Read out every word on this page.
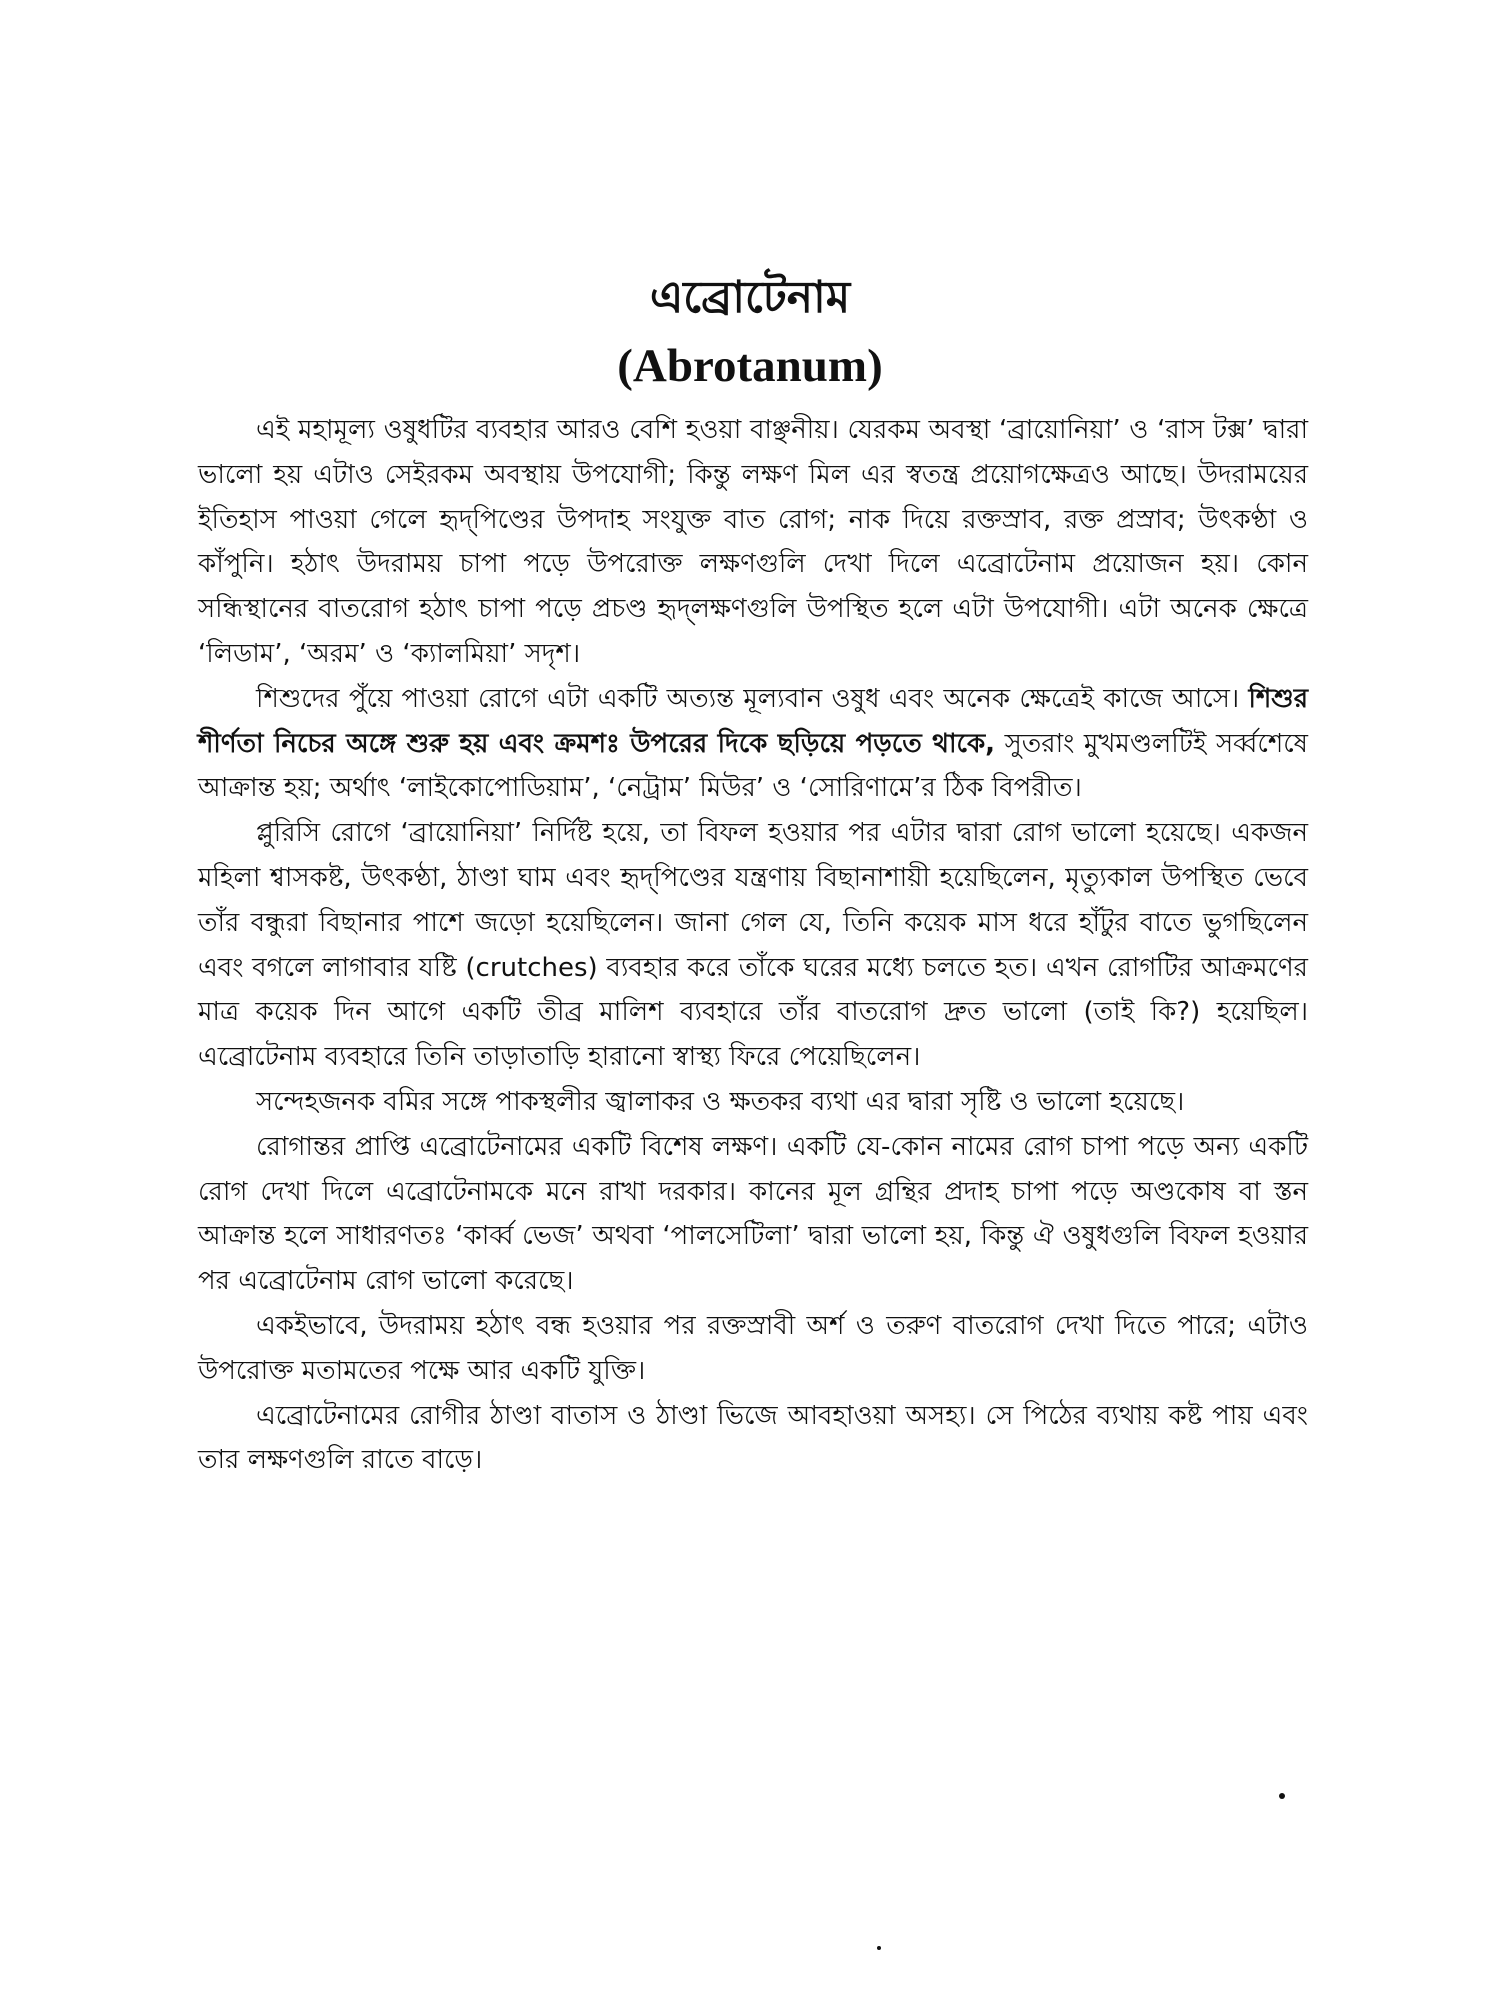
এব্রোটেনাম
(Abrotanum)

এই মহামূল্য ওষুধটির ব্যবহার আরও বেশি হওয়া বাঞ্ছনীয়। যেরকম অবস্থা ‘ব্রায়োনিয়া’ ও ‘রাস টক্স’ দ্বারা ভালো হয় এটাও সেইরকম অবস্থায় উপযোগী; কিন্তু লক্ষণ মিল এর স্বতন্ত্র প্রয়োগক্ষেত্রও আছে। উদরাময়ের ইতিহাস পাওয়া গেলে হৃদ্‌পিণ্ডের উপদাহ সংযুক্ত বাত রোগ; নাক দিয়ে রক্তস্রাব, রক্ত প্রস্রাব; উৎকণ্ঠা ও কাঁপুনি। হঠাৎ উদরাময় চাপা পড়ে উপরোক্ত লক্ষণগুলি দেখা দিলে এব্রোটেনাম প্রয়োজন হয়। কোন সন্ধিস্থানের বাতরোগ হঠাৎ চাপা পড়ে প্রচণ্ড হৃদ্‌লক্ষণগুলি উপস্থিত হলে এটা উপযোগী। এটা অনেক ক্ষেত্রে ‘লিডাম’, ‘অরম’ ও ‘ক্যালমিয়া’ সদৃশ।

শিশুদের পুঁয়ে পাওয়া রোগে এটা একটি অত্যন্ত মূল্যবান ওষুধ এবং অনেক ক্ষেত্রেই কাজে আসে। শিশুর শীর্ণতা নিচের অঙ্গে শুরু হয় এবং ক্রমশঃ উপরের দিকে ছড়িয়ে পড়তে থাকে, সুতরাং মুখমণ্ডলটিই সর্ব্বশেষে আক্রান্ত হয়; অর্থাৎ ‘লাইকোপোডিয়াম’, ‘নেট্রাম’ মিউর’ ও ‘সোরিণামে’র ঠিক বিপরীত।

প্লুরিসি রোগে ‘ব্রায়োনিয়া’ নির্দিষ্ট হয়ে, তা বিফল হওয়ার পর এটার দ্বারা রোগ ভালো হয়েছে। একজন মহিলা শ্বাসকষ্ট, উৎকণ্ঠা, ঠাণ্ডা ঘাম এবং হৃদ্‌পিণ্ডের যন্ত্রণায় বিছানাশায়ী হয়েছিলেন, মৃত্যুকাল উপস্থিত ভেবে তাঁর বন্ধুরা বিছানার পাশে জড়ো হয়েছিলেন। জানা গেল যে, তিনি কয়েক মাস ধরে হাঁটুর বাতে ভুগছিলেন এবং বগলে লাগাবার যষ্টি (crutches) ব্যবহার করে তাঁকে ঘরের মধ্যে চলতে হত। এখন রোগটির আক্রমণের মাত্র কয়েক দিন আগে একটি তীব্র মালিশ ব্যবহারে তাঁর বাতরোগ দ্রুত ভালো (তাই কি?) হয়েছিল। এব্রোটেনাম ব্যবহারে তিনি তাড়াতাড়ি হারানো স্বাস্থ্য ফিরে পেয়েছিলেন।

সন্দেহজনক বমির সঙ্গে পাকস্থলীর জ্বালাকর ও ক্ষতকর ব্যথা এর দ্বারা সৃষ্টি ও ভালো হয়েছে।

রোগান্তর প্রাপ্তি এব্রোটেনামের একটি বিশেষ লক্ষণ। একটি যে-কোন নামের রোগ চাপা পড়ে অন্য একটি রোগ দেখা দিলে এব্রোটেনামকে মনে রাখা দরকার। কানের মূল গ্রন্থির প্রদাহ চাপা পড়ে অণ্ডকোষ বা স্তন আক্রান্ত হলে সাধারণতঃ ‘কার্ব্ব ভেজ’ অথবা ‘পালসেটিলা’ দ্বারা ভালো হয়, কিন্তু ঐ ওষুধগুলি বিফল হওয়ার পর এব্রোটেনাম রোগ ভালো করেছে।

একইভাবে, উদরাময় হঠাৎ বন্ধ হওয়ার পর রক্তস্রাবী অর্শ ও তরুণ বাতরোগ দেখা দিতে পারে; এটাও উপরোক্ত মতামতের পক্ষে আর একটি যুক্তি।

এব্রোটেনামের রোগীর ঠাণ্ডা বাতাস ও ঠাণ্ডা ভিজে আবহাওয়া অসহ্য। সে পিঠের ব্যথায় কষ্ট পায় এবং তার লক্ষণগুলি রাতে বাড়ে।
